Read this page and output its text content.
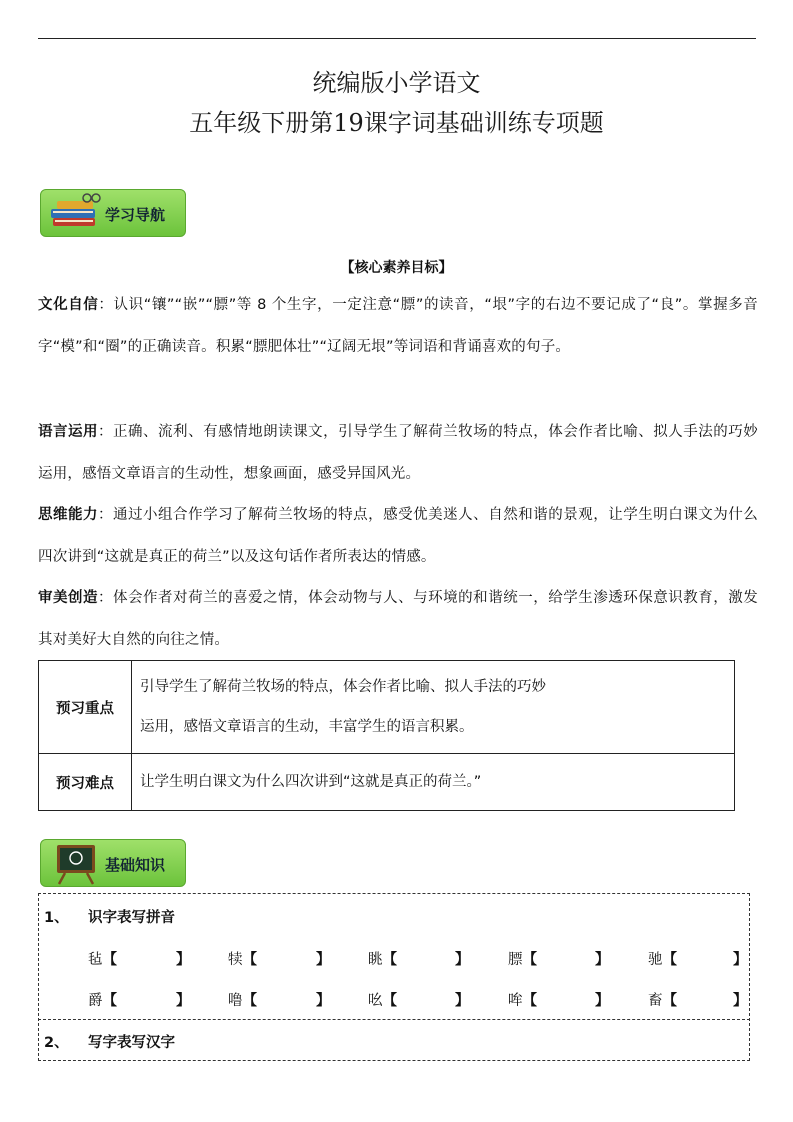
统编版小学语文
五年级下册第19课字词基础训练专项题
学习导航
【核心素养目标】
文化自信：认识“镶”“嵌”“膘”等 8 个生字，一定注意“膘”的读音，“垠”字的右边不要记成了“良”。掌握多音字“模”和“圈”的正确读音。积累“膘肥体壮”“辽阔无垠”等词语和背诵喜欢的句子。
语言运用：正确、流利、有感情地朗读课文，引导学生了解荷兰牧场的特点，体会作者比喻、拟人手法的巧妙运用，感悟文章语言的生动性，想象画面，感受异国风光。
思维能力：通过小组合作学习了解荷兰牧场的特点，感受优美迷人、自然和谐的景观，让学生明白课文为什么四次讲到“这就是真正的荷兰”以及这句话作者所表达的情感。
审美创造：体会作者对荷兰的喜爱之情，体会动物与人、与环境的和谐统一，给学生渗透环保意识教育，激发其对美好大自然的向往之情。
预习重点	引导学生了解荷兰牧场的特点，体会作者比喻、拟人手法的巧妙
运用，感悟文章语言的生动，丰富学生的语言积累。

预习难点	让学生明白课文为什么四次讲到“这就是真正的荷兰。”
基础知识
1、 识字表写拼音
毡【	】	犊【	】	眺【	】	膘【	】	驰【	】
爵【	】	噜【	】	吆【	】	哞【	】	畜【	】
2、 写字表写汉字
